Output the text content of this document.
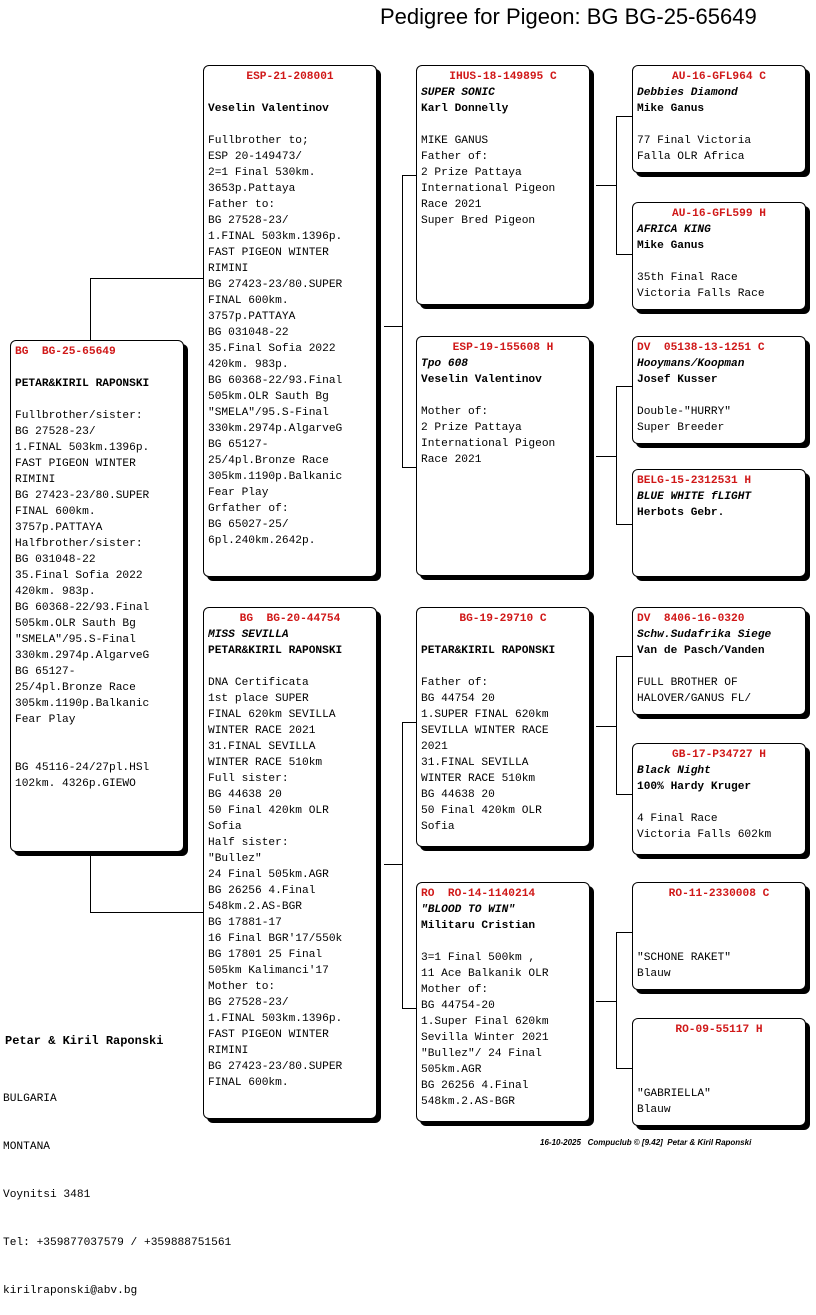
Pedigree for Pigeon: BG BG-25-65649
BG  BG-25-65649
PETAR&KIRIL RAPONSKI
Fullbrother/sister:
BG 27528-23/
1.FINAL 503km.1396p.
FAST PIGEON WINTER
RIMINI
BG 27423-23/80.SUPER
FINAL 600km.
3757p.PATTAYA
Halfbrother/sister:
BG 031048-22
35.Final Sofia 2022
420km. 983p.
BG 60368-22/93.Final
505km.OLR Sauth Bg
"SMELA"/95.S-Final
330km.2974p.AlgarveG
BG 65127-
25/4pl.Bronze Race
305km.1190p.Balkanic
Fear Play

BG 45116-24/27pl.HSl
102km. 4326p.GIEWO
ESP-21-208001
Veselin Valentinov
Fullbrother to;
ESP 20-149473/
2=1 Final 530km.
3653p.Pattaya
Father to:
BG 27528-23/
1.FINAL 503km.1396p.
FAST PIGEON WINTER
RIMINI
BG 27423-23/80.SUPER
FINAL 600km.
3757p.PATTAYA
BG 031048-22
35.Final Sofia 2022
420km. 983p.
BG 60368-22/93.Final
505km.OLR Sauth Bg
"SMELA"/95.S-Final
330km.2974p.AlgarveG
BG 65127-
25/4pl.Bronze Race
305km.1190p.Balkanic
Fear Play
Grfather of:
BG 65027-25/
6pl.240km.2642p.
BG  BG-20-44754
MISS SEVILLA
PETAR&KIRIL RAPONSKI
DNA Certificata
1st place SUPER
FINAL 620km SEVILLA
WINTER RACE 2021
31.FINAL SEVILLA
WINTER RACE 510km
Full sister:
BG 44638 20
50 Final 420km OLR
Sofia
Half sister:
"Bullez"
24 Final 505km.AGR
BG 26256 4.Final
548km.2.AS-BGR
BG 17881-17
16 Final BGR'17/550k
BG 17801 25 Final
505km Kalimanci'17
Mother to:
BG 27528-23/
1.FINAL 503km.1396p.
FAST PIGEON WINTER
RIMINI
BG 27423-23/80.SUPER
FINAL 600km.
IHUS-18-149895 C
SUPER SONIC
Karl Donnelly
MIKE GANUS
Father of:
2 Prize Pattaya
International Pigeon
Race 2021
Super Bred Pigeon
ESP-19-155608 H
Tpo 608
Veselin Valentinov
Mother of:
2 Prize Pattaya
International Pigeon
Race 2021
BG-19-29710 C
PETAR&KIRIL RAPONSKI
Father of:
BG 44754 20
1.SUPER FINAL 620km
SEVILLA WINTER RACE
2021
31.FINAL SEVILLA
WINTER RACE 510km
BG 44638 20
50 Final 420km OLR
Sofia
RO  RO-14-1140214
"BLOOD TO WIN"
Militaru Cristian
3=1 Final 500km ,
11 Ace Balkanik OLR
Mother of:
BG 44754-20
1.Super Final 620km
Sevilla Winter 2021
"Bullez"/ 24 Final
505km.AGR
BG 26256 4.Final
548km.2.AS-BGR
AU-16-GFL964 C
Debbies Diamond
Mike Ganus
77 Final Victoria
Falla OLR Africa
AU-16-GFL599 H
AFRICA KING
Mike Ganus
35th Final Race
Victoria Falls Race
DV  05138-13-1251 C
Hooymans/Koopman
Josef Kusser
Double-"HURRY"
Super Breeder
BELG-15-2312531 H
BLUE WHITE fLIGHT
Herbots Gebr.
DV  8406-16-0320
Schw.Sudafrika Siege
Van de Pasch/Vanden
FULL BROTHER OF
HALOVER/GANUS FL/
GB-17-P34727 H
Black Night
100% Hardy Kruger
4 Final Race
Victoria Falls 602km
RO-11-2330008 C
"SCHONE RAKET"
Blauw
RO-09-55117 H
"GABRIELLA"
Blauw
Petar & Kiril Raponski

BULGARIA

MONTANA

Voynitsi 3481

Tel: +359877037579 / +359888751561

kirilraponski@abv.bg

16-10-2025   Compuclub © [9.42]  Petar & Kiril Raponski
